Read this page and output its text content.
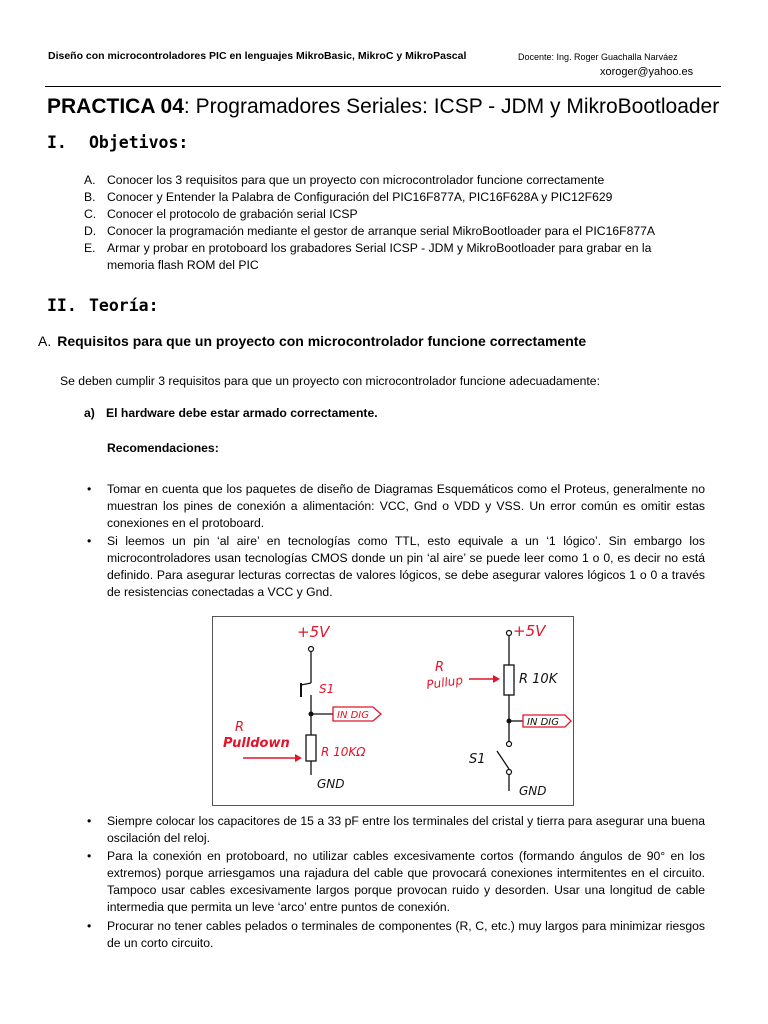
Diseño con microcontroladores PIC en lenguajes MikroBasic, MikroC y MikroPascal	Docente: Ing. Roger Guachalla Narváez
xoroger@yahoo.es
PRACTICA 04: Programadores Seriales: ICSP - JDM y MikroBootloader
I. Objetivos:
A. Conocer los 3 requisitos para que un proyecto con microcontrolador funcione correctamente
B. Conocer y Entender la Palabra de Configuración del PIC16F877A, PIC16F628A y PIC12F629
C. Conocer el protocolo de grabación serial ICSP
D. Conocer la programación mediante el gestor de arranque serial MikroBootloader para el PIC16F877A
E. Armar y probar en protoboard los grabadores Serial ICSP - JDM y MikroBootloader para grabar en la memoria flash ROM del PIC
II. Teoría:
A. Requisitos para que un proyecto con microcontrolador funcione correctamente
Se deben cumplir 3 requisitos para que un proyecto con microcontrolador funcione adecuadamente:
a) El hardware debe estar armado correctamente.
Recomendaciones:
• Tomar en cuenta que los paquetes de diseño de Diagramas Esquemáticos como el Proteus, generalmente no muestran los pines de conexión a alimentación: VCC, Gnd o VDD y VSS. Un error común es omitir estas conexiones en el protoboard.
• Si leemos un pin ‘al aire’ en tecnologías como TTL, esto equivale a un ‘1 lógico’. Sin embargo los microcontroladores usan tecnologías CMOS donde un pin ‘al aire’ se puede leer como 1 o 0, es decir no está definido. Para asegurar lecturas correctas de valores lógicos, se debe asegurar valores lógicos 1 o 0 a través de resistencias conectadas a VCC y Gnd.
+5V
S1
IN DIG
R 10KΩ
R
Pulldown
GND
+5V
R 10K
R
Pullup
IN DIG
S1
GND
• Siempre colocar los capacitores de 15 a 33 pF entre los terminales del cristal y tierra para asegurar una buena oscilación del reloj.
• Para la conexión en protoboard, no utilizar cables excesivamente cortos (formando ángulos de 90° en los extremos) porque arriesgamos una rajadura del cable que provocará conexiones intermitentes en el circuito. Tampoco usar cables excesivamente largos porque provocan ruido y desorden. Usar una longitud de cable intermedia que permita un leve ‘arco’ entre puntos de conexión.
• Procurar no tener cables pelados o terminales de componentes (R, C, etc.) muy largos para minimizar riesgos de un corto circuito.
